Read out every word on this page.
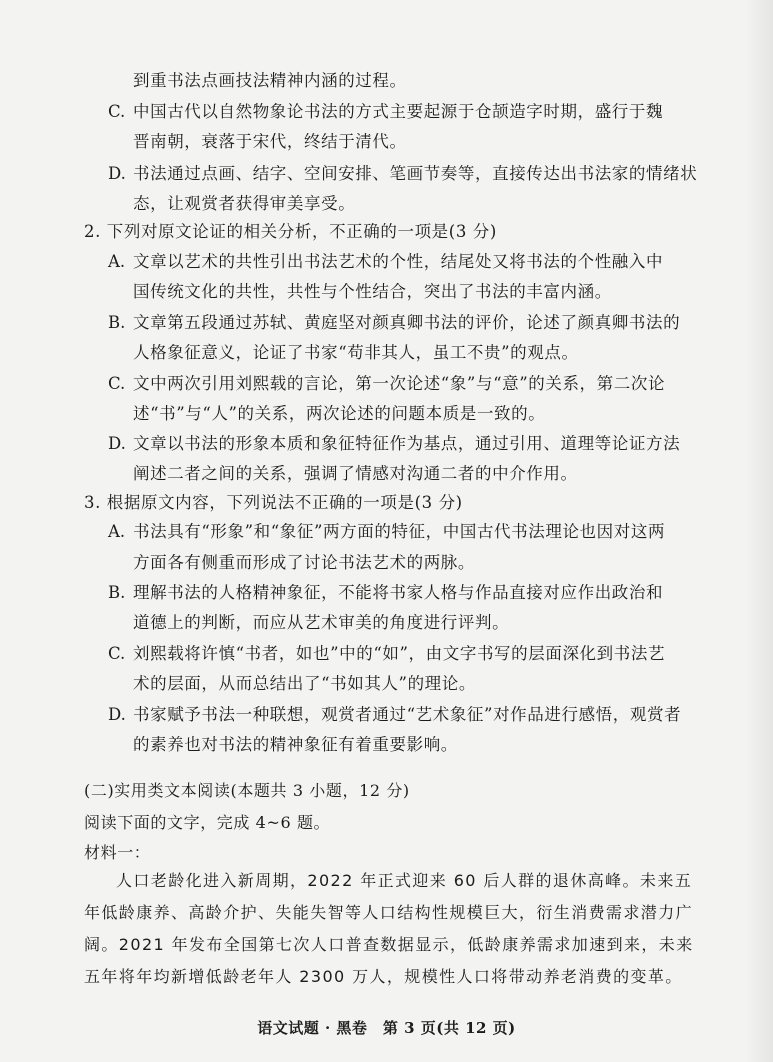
到重书法点画技法精神内涵的过程。
C. 中国古代以自然物象论书法的方式主要起源于仓颉造字时期，盛行于魏
晋南朝，衰落于宋代，终结于清代。
D. 书法通过点画、结字、空间安排、笔画节奏等，直接传达出书法家的情绪状
态，让观赏者获得审美享受。
2. 下列对原文论证的相关分析，不正确的一项是(3 分)
A. 文章以艺术的共性引出书法艺术的个性，结尾处又将书法的个性融入中
国传统文化的共性，共性与个性结合，突出了书法的丰富内涵。
B. 文章第五段通过苏轼、黄庭坚对颜真卿书法的评价，论述了颜真卿书法的
人格象征意义，论证了书家“苟非其人，虽工不贵”的观点。
C. 文中两次引用刘熙载的言论，第一次论述“象”与“意”的关系，第二次论
述“书”与“人”的关系，两次论述的问题本质是一致的。
D. 文章以书法的形象本质和象征特征作为基点，通过引用、道理等论证方法
阐述二者之间的关系，强调了情感对沟通二者的中介作用。
3. 根据原文内容，下列说法不正确的一项是(3 分)
A. 书法具有“形象”和“象征”两方面的特征，中国古代书法理论也因对这两
方面各有侧重而形成了讨论书法艺术的两脉。
B. 理解书法的人格精神象征，不能将书家人格与作品直接对应作出政治和
道德上的判断，而应从艺术审美的角度进行评判。
C. 刘熙载将许慎“书者，如也”中的“如”，由文字书写的层面深化到书法艺
术的层面，从而总结出了“书如其人”的理论。
D. 书家赋予书法一种联想，观赏者通过“艺术象征”对作品进行感悟，观赏者
的素养也对书法的精神象征有着重要影响。
(二)实用类文本阅读(本题共 3 小题，12 分)
阅读下面的文字，完成 4~6 题。
材料一：
人口老龄化进入新周期，2022 年正式迎来 60 后人群的退休高峰。未来五
年低龄康养、高龄介护、失能失智等人口结构性规模巨大，衍生消费需求潜力广
阔。2021 年发布全国第七次人口普查数据显示，低龄康养需求加速到来，未来
五年将年均新增低龄老年人 2300 万人，规模性人口将带动养老消费的变革。
语文试题 · 黑卷　第 3 页(共 12 页)
